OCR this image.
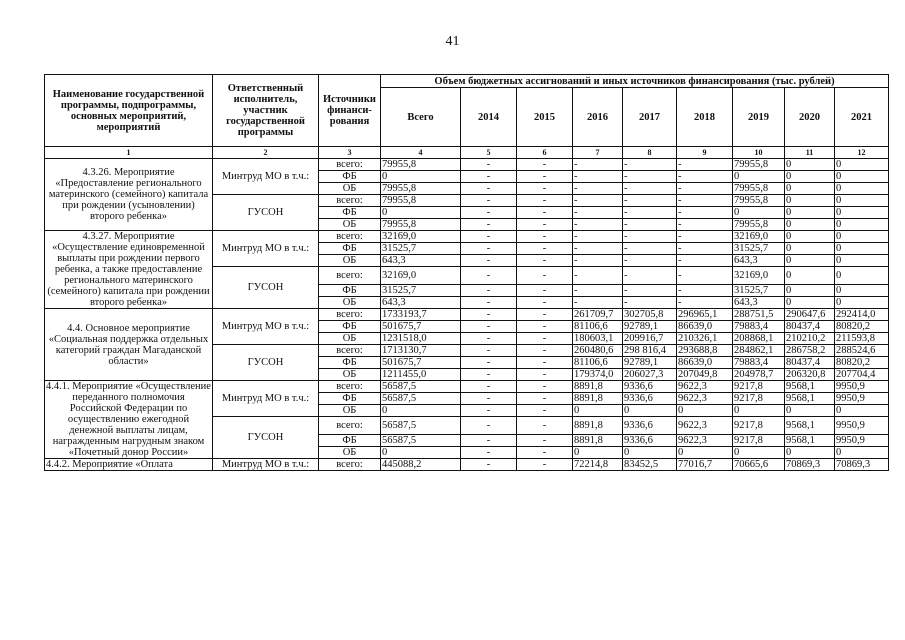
41
Наименование государственной программы, подпрограммы, основных мероприятий, мероприятий	Ответственный исполнитель, участник государственной программы	Источники финанси-рования	Объем бюджетных ассигнований и иных источников финансирования (тыс. рублей)								
			Всего	2014	2015	2016	2017	2018	2019	2020	2021
1	2	3	4	5	6	7	8	9	10	11	12
4.3.26. Мероприятие «Предоставление регионального материнского (семейного) капитала при рождении (усыновлении) второго ребенка»	Минтруд МО в т.ч.:	всего:	79955,8	-	-	-	-	-	79955,8	0	0
		ФБ	0	-	-	-	-	-	0	0	0
		ОБ	79955,8	-	-	-	-	-	79955,8	0	0
	ГУСОН	всего:	79955,8	-	-	-	-	-	79955,8	0	0
		ФБ	0	-	-	-	-	-	0	0	0
		ОБ	79955,8	-	-	-	-	-	79955,8	0	0
4.3.27. Мероприятие «Осуществление единовременной выплаты при рождении первого ребенка, а также предоставление регионального материнского (семейного) капитала при рождении второго ребенка»	Минтруд МО в т.ч.:	всего:	32169,0	-	-	-	-	-	32169,0	0	0
		ФБ	31525,7	-	-	-	-	-	31525,7	0	0
		ОБ	643,3	-	-	-	-	-	643,3	0	0
	ГУСОН	всего:	32169,0	-	-	-	-	-	32169,0	0	0
		ФБ	31525,7	-	-	-	-	-	31525,7	0	0
		ОБ	643,3	-	-	-	-	-	643,3	0	0
4.4. Основное мероприятие «Социальная поддержка отдельных категорий граждан Магаданской области»	Минтруд МО в т.ч.:	всего:	1733193,7	-	-	261709,7	302705,8	296965,1	288751,5	290647,6	292414,0
		ФБ	501675,7	-	-	81106,6	92789,1	86639,0	79883,4	80437,4	80820,2
		ОБ	1231518,0	-	-	180603,1	209916,7	210326,1	208868,1	210210,2	211593,8
	ГУСОН	всего:	1713130,7	-	-	260480,6	298 816,4	293688,8	284862,1	286758,2	288524,6
		ФБ	501675,7	-	-	81106,6	92789,1	86639,0	79883,4	80437,4	80820,2
		ОБ	1211455,0	-	-	179374,0	206027,3	207049,8	204978,7	206320,8	207704,4
4.4.1. Мероприятие «Осуществление переданного полномочия Российской Федерации по осуществлению ежегодной денежной выплаты лицам, награжденным нагрудным знаком «Почетный донор России»	Минтруд МО в т.ч.:	всего:	56587,5	-	-	8891,8	9336,6	9622,3	9217,8	9568,1	9950,9
		ФБ	56587,5	-	-	8891,8	9336,6	9622,3	9217,8	9568,1	9950,9
		ОБ	0	-	-	0	0	0	0	0	0
	ГУСОН	всего:	56587,5	-	-	8891,8	9336,6	9622,3	9217,8	9568,1	9950,9
		ФБ	56587,5	-	-	8891,8	9336,6	9622,3	9217,8	9568,1	9950,9
		ОБ	0	-	-	0	0	0	0	0	0
4.4.2. Мероприятие «Оплата	Минтруд МО в т.ч.:	всего:	445088,2	-	-	72214,8	83452,5	77016,7	70665,6	70869,3	70869,3
